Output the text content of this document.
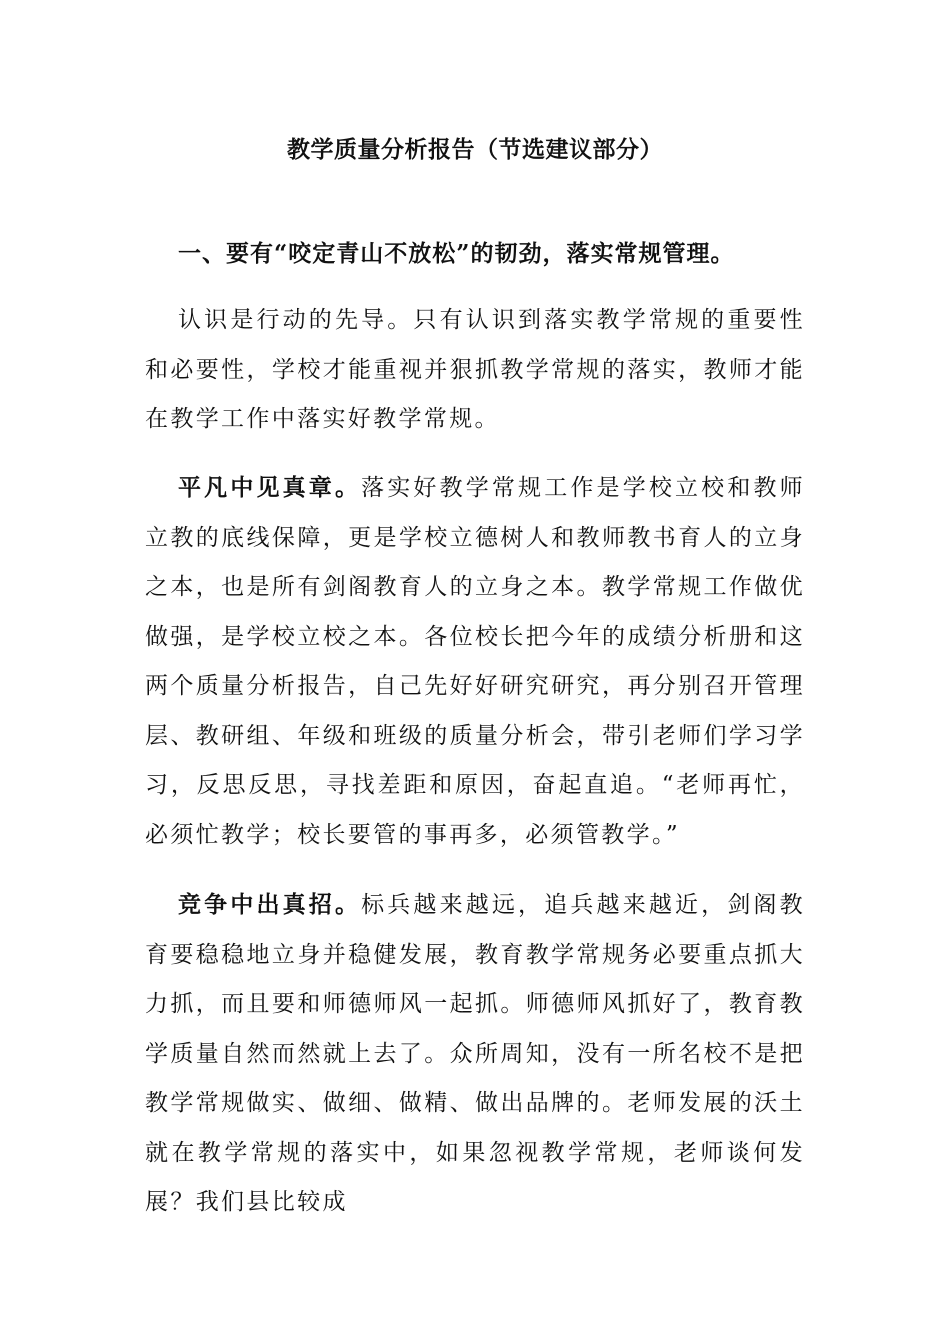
教学质量分析报告（节选建议部分）
一、要有“咬定青山不放松”的韧劲，落实常规管理。

认识是行动的先导。只有认识到落实教学常规的重要性和必要性，学校才能重视并狠抓教学常规的落实，教师才能在教学工作中落实好教学常规。

平凡中见真章。落实好教学常规工作是学校立校和教师立教的底线保障，更是学校立德树人和教师教书育人的立身之本，也是所有剑阁教育人的立身之本。教学常规工作做优做强，是学校立校之本。各位校长把今年的成绩分析册和这两个质量分析报告，自己先好好研究研究，再分别召开管理层、教研组、年级和班级的质量分析会，带引老师们学习学习，反思反思，寻找差距和原因，奋起直追。“老师再忙，必须忙教学；校长要管的事再多，必须管教学。”

竞争中出真招。标兵越来越远，追兵越来越近，剑阁教育要稳稳地立身并稳健发展，教育教学常规务必要重点抓大力抓，而且要和师德师风一起抓。师德师风抓好了，教育教学质量自然而然就上去了。众所周知，没有一所名校不是把教学常规做实、做细、做精、做出品牌的。老师发展的沃土就在教学常规的落实中，如果忽视教学常规，老师谈何发展？我们县比较成
